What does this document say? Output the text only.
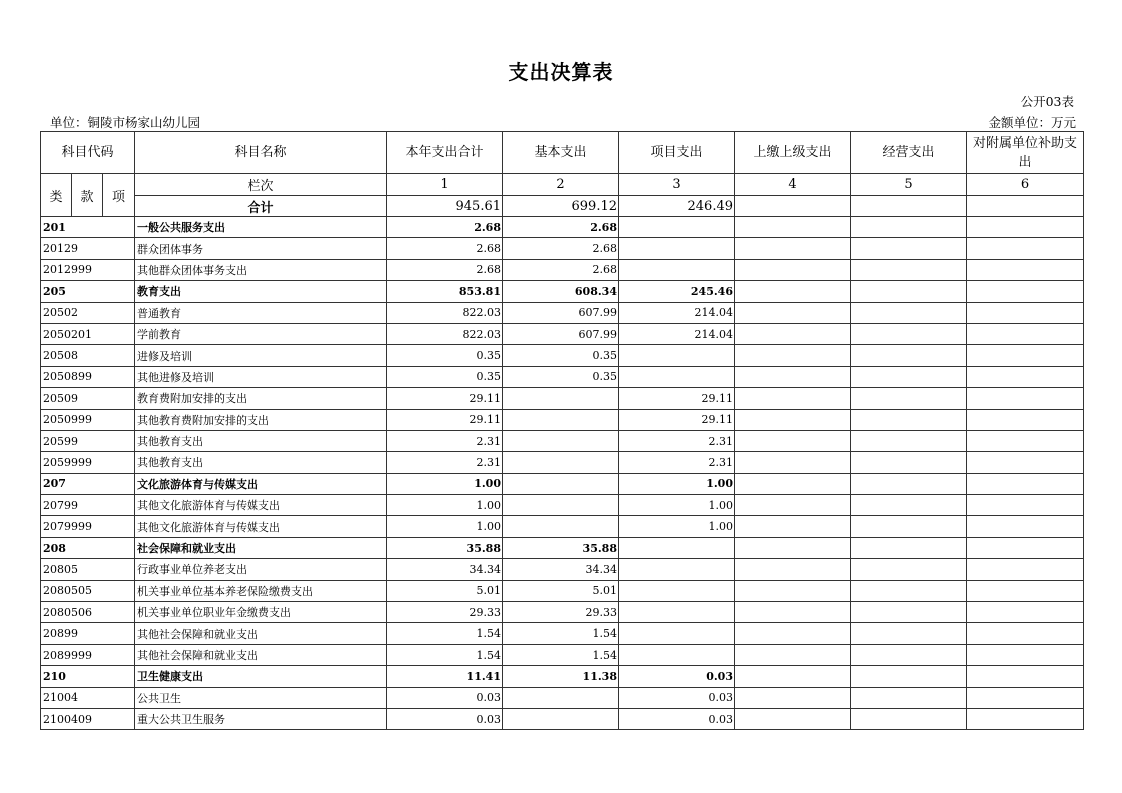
支出决算表
公开03表
单位：铜陵市杨家山幼儿园	金额单位：万元
科目代码			科目名称	本年支出合计	基本支出	项目支出	上缴上级支出	经营支出	对附属单位补助支出
类	款	项	栏次	1	2	3	4	5	6
			合计	945.61	699.12	246.49			
201			一般公共服务支出	2.68	2.68				
20129			群众团体事务	2.68	2.68				
2012999			其他群众团体事务支出	2.68	2.68				
205			教育支出	853.81	608.34	245.46			
20502			普通教育	822.03	607.99	214.04			
2050201			学前教育	822.03	607.99	214.04			
20508			进修及培训	0.35	0.35				
2050899			其他进修及培训	0.35	0.35				
20509			教育费附加安排的支出	29.11		29.11			
2050999			其他教育费附加安排的支出	29.11		29.11			
20599			其他教育支出	2.31		2.31			
2059999			其他教育支出	2.31		2.31			
207			文化旅游体育与传媒支出	1.00		1.00			
20799			其他文化旅游体育与传媒支出	1.00		1.00			
2079999			其他文化旅游体育与传媒支出	1.00		1.00			
208			社会保障和就业支出	35.88	35.88				
20805			行政事业单位养老支出	34.34	34.34				
2080505			机关事业单位基本养老保险缴费支出	5.01	5.01				
2080506			机关事业单位职业年金缴费支出	29.33	29.33				
20899			其他社会保障和就业支出	1.54	1.54				
2089999			其他社会保障和就业支出	1.54	1.54				
210			卫生健康支出	11.41	11.38	0.03			
21004			公共卫生	0.03		0.03			
2100409			重大公共卫生服务	0.03		0.03			
